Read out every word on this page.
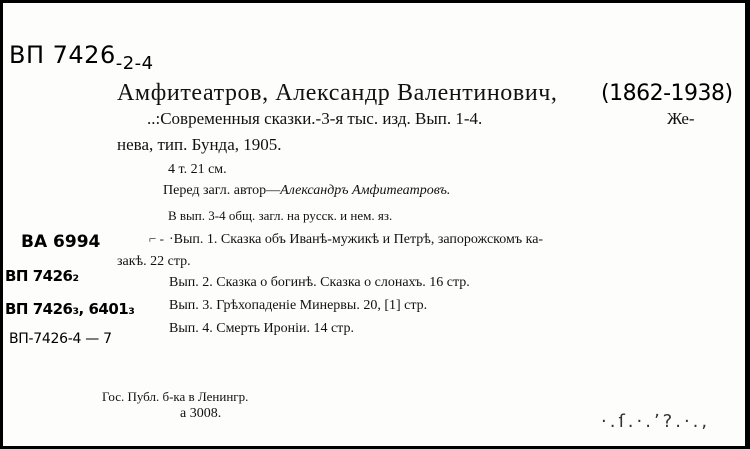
ВП $7426_{-2-4}$
Амфитеатров, Александр Валентинович, (1862-1938)
..:Современныя сказки.-3-я тыс. изд. Вып. 1-4.	Же-
нева, тип. Бунда, 1905.
4 т. 21 см.
Перед загл. автор—Александръ Амфитеатровъ.
В вып. 3-4 общ. загл. на русск. и нем. яз.
⌐ - ·Вып. 1. Сказка объ Иванѣ-мужикѣ и Петрѣ, запорожскомъ ка-
закѣ. 22 стр.
Вып. 2. Сказка о богинѣ. Сказка о слонахъ. 16 стр.
Вып. 3. Грѣхопаденіе Минервы. 20, [1] стр.
Вып. 4. Смерть Ироніи. 14 стр.
ВА 6994
ВП 7426₂
ВП 7426₃, 6401₃
ВП-7426-4 — 7
Гос. Публ. б-ка в Ленингр.
а 3008.	·.ſ.·.ʼ?.·.,
